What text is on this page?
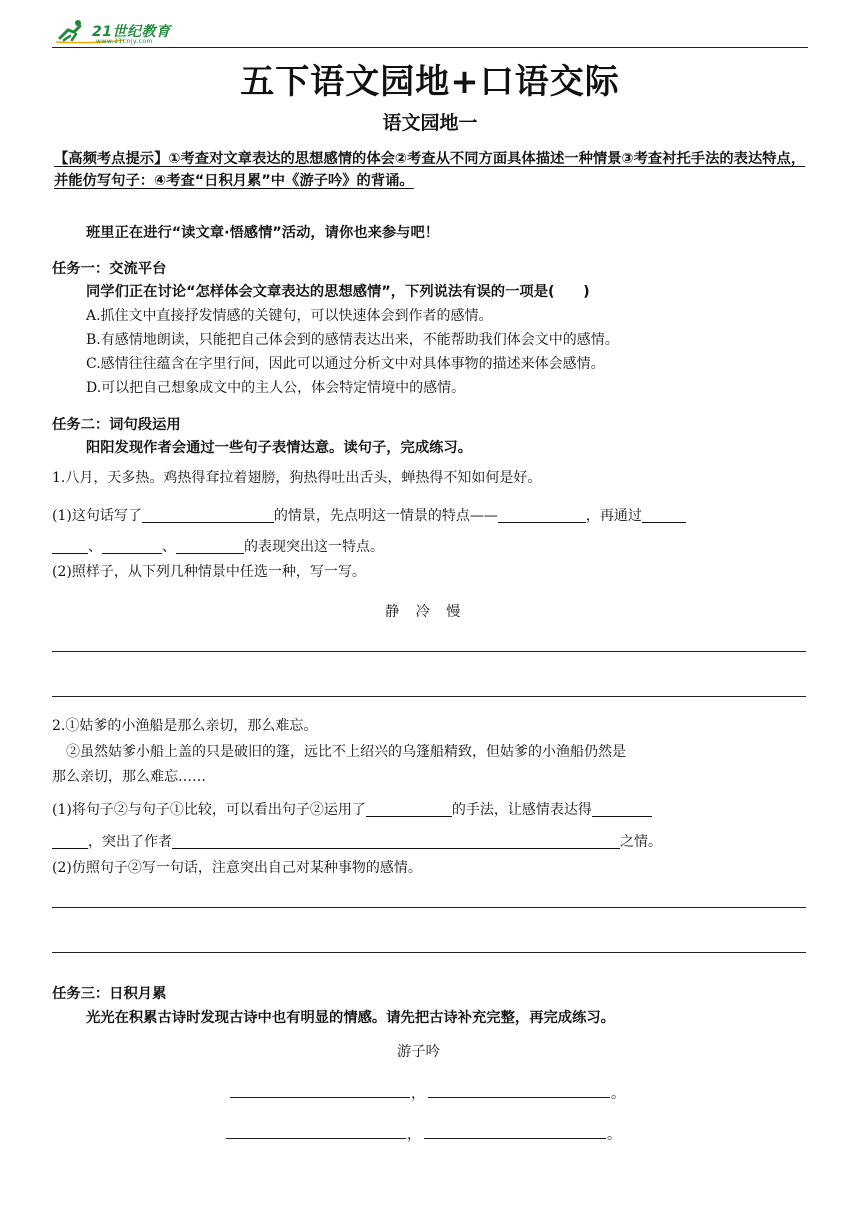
21世纪教育
www.21cnjy.com
五下语文园地+口语交际
语文园地一
【高频考点提示】①考查对文章表达的思想感情的体会②考查从不同方面具体描述一种情景③考查衬托手法的表达特点，并能仿写句子：④考查“日积月累”中《游子吟》的背诵。
班里正在进行“读文章·悟感情”活动，请你也来参与吧！
任务一：交流平台
同学们正在讨论“怎样体会文章表达的思想感情”，下列说法有误的一项是(　　)
A.抓住文中直接抒发情感的关键句，可以快速体会到作者的感情。
B.有感情地朗读，只能把自己体会到的感情表达出来，不能帮助我们体会文中的感情。
C.感情往往蕴含在字里行间，因此可以通过分析文中对具体事物的描述来体会感情。
D.可以把自己想象成文中的主人公，体会特定情境中的感情。
任务二：词句段运用
阳阳发现作者会通过一些句子表情达意。读句子，完成练习。
1.八月，天多热。鸡热得耷拉着翅膀，狗热得吐出舌头，蝉热得不知如何是好。
(1)这句话写了	的情景，先点明这一情景的特点——	，再通过
、	、	的表现突出这一特点。
(2)照样子，从下列几种情景中任选一种，写一写。
静　冷　慢
2.①姑爹的小渔船是那么亲切，那么难忘。
②虽然姑爹小船上盖的只是破旧的篷，远比不上绍兴的乌篷船精致，但姑爹的小渔船仍然是
那么亲切，那么难忘……
(1)将句子②与句子①比较，可以看出句子②运用了	的手法，让感情表达得
，突出了作者	之情。
(2)仿照句子②写一句话，注意突出自己对某种事物的感情。
任务三：日积月累
光光在积累古诗时发现古诗中也有明显的情感。请先把古诗补充完整，再完成练习。
游子吟
，	。
，	。
